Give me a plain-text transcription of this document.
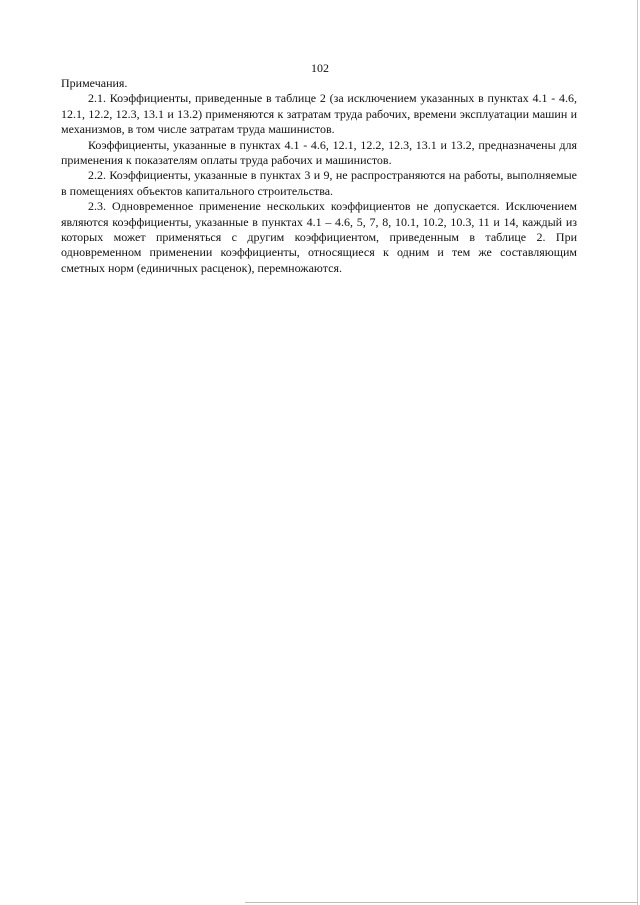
102

Примечания.

2.1. Коэффициенты, приведенные в таблице 2 (за исключением указанных в пунктах 4.1 - 4.6, 12.1, 12.2, 12.3, 13.1 и 13.2) применяются к затратам труда рабочих, времени эксплуатации машин и механизмов, в том числе затратам труда машинистов.

Коэффициенты, указанные в пунктах 4.1 - 4.6, 12.1, 12.2, 12.3, 13.1 и 13.2, предназначены для применения к показателям оплаты труда рабочих и машинистов.

2.2. Коэффициенты, указанные в пунктах 3 и 9, не распространяются на работы, выполняемые в помещениях объектов капитального строительства.

2.3. Одновременное применение нескольких коэффициентов не допускается. Исключением являются коэффициенты, указанные в пунктах 4.1 – 4.6, 5, 7, 8, 10.1, 10.2, 10.3, 11 и 14, каждый из которых может применяться с другим коэффициентом, приведенным в таблице 2. При одновременном применении коэффициенты, относящиеся к одним и тем же составляющим сметных норм (единичных расценок), перемножаются.
